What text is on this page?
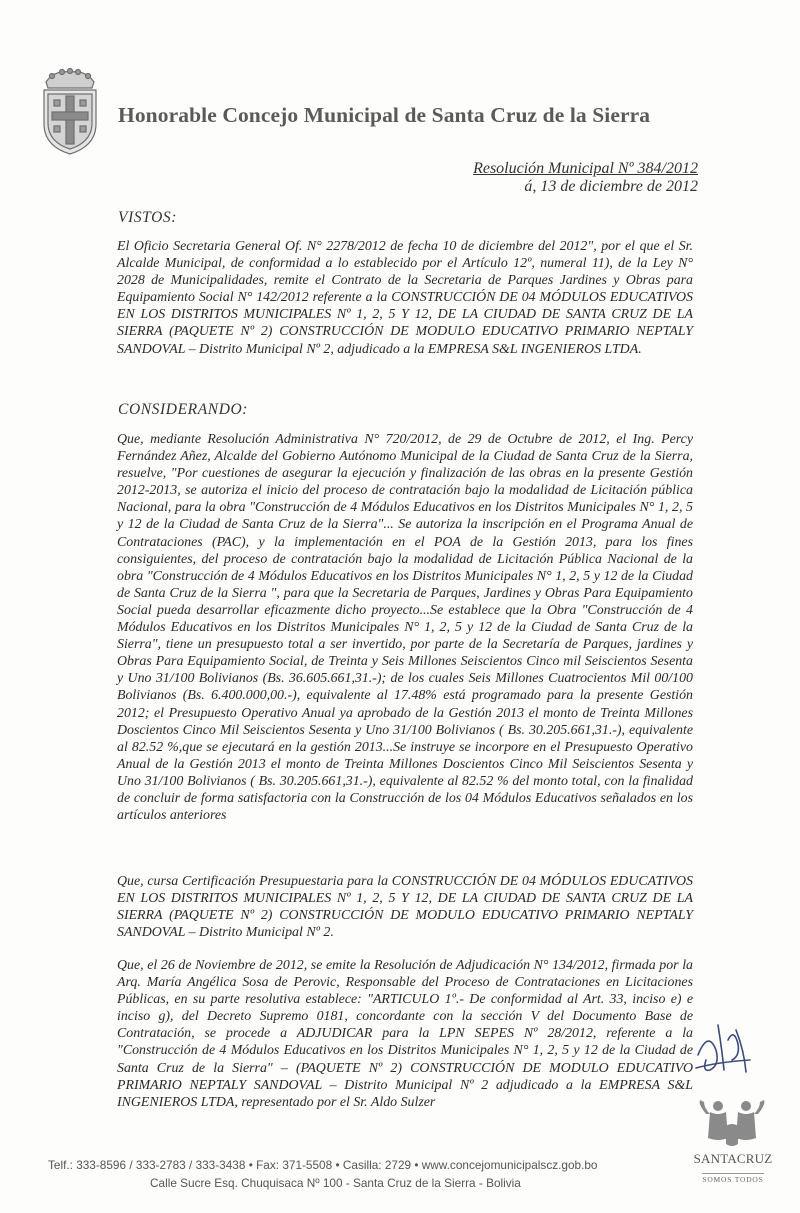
Honorable Concejo Municipal de Santa Cruz de la Sierra
Resolución Municipal Nº 384/2012
á, 13 de diciembre de 2012
VISTOS:

El Oficio Secretaria General Of. N° 2278/2012 de fecha 10 de diciembre del 2012", por el que el Sr. Alcalde Municipal, de conformidad a lo establecido por el Artículo 12º, numeral 11), de la Ley N° 2028 de Municipalidades, remite el Contrato de la Secretaria de Parques Jardines y Obras para Equipamiento Social N° 142/2012 referente a la CONSTRUCCIÓN DE 04 MÓDULOS EDUCATIVOS EN LOS DISTRITOS MUNICIPALES Nº 1, 2, 5 Y 12, DE LA CIUDAD DE SANTA CRUZ DE LA SIERRA (PAQUETE Nº 2) CONSTRUCCIÓN DE MODULO EDUCATIVO PRIMARIO NEPTALY SANDOVAL – Distrito Municipal Nº 2, adjudicado a la EMPRESA S&L INGENIEROS LTDA.

CONSIDERANDO:

Que, mediante Resolución Administrativa N° 720/2012, de 29 de Octubre de 2012, el Ing. Percy Fernández Añez, Alcalde del Gobierno Autónomo Municipal de la Ciudad de Santa Cruz de la Sierra, resuelve, "Por cuestiones de asegurar la ejecución y finalización de las obras en la presente Gestión 2012-2013, se autoriza el inicio del proceso de contratación bajo la modalidad de Licitación pública Nacional, para la obra "Construcción de 4 Módulos Educativos en los Distritos Municipales N° 1, 2, 5 y 12 de la Ciudad de Santa Cruz de la Sierra"... Se autoriza la inscripción en el Programa Anual de Contrataciones (PAC), y la implementación en el POA de la Gestión 2013, para los fines consiguientes, del proceso de contratación bajo la modalidad de Licitación Pública Nacional de la obra "Construcción de 4 Módulos Educativos en los Distritos Municipales N° 1, 2, 5 y 12 de la Ciudad de Santa Cruz de la Sierra ", para que la Secretaria de Parques, Jardines y Obras Para Equipamiento Social pueda desarrollar eficazmente dicho proyecto...Se establece que la Obra "Construcción de 4 Módulos Educativos en los Distritos Municipales N° 1, 2, 5 y 12 de la Ciudad de Santa Cruz de la Sierra", tiene un presupuesto total a ser invertido, por parte de la Secretaría de Parques, jardines y Obras Para Equipamiento Social, de Treinta y Seis Millones Seiscientos Cinco mil Seiscientos Sesenta y Uno 31/100 Bolivianos (Bs. 36.605.661,31.-); de los cuales Seis Millones Cuatrocientos Mil 00/100 Bolivianos (Bs. 6.400.000,00.-), equivalente al 17.48% está programado para la presente Gestión 2012; el Presupuesto Operativo Anual ya aprobado de la Gestión 2013 el monto de Treinta Millones Doscientos Cinco Mil Seiscientos Sesenta y Uno 31/100 Bolivianos ( Bs. 30.205.661,31.-), equivalente al 82.52 %,que se ejecutará en la gestión 2013...Se instruye se incorpore en el Presupuesto Operativo Anual de la Gestión 2013 el monto de Treinta Millones Doscientos Cinco Mil Seiscientos Sesenta y Uno 31/100 Bolivianos ( Bs. 30.205.661,31.-), equivalente al 82.52 % del monto total, con la finalidad de concluir de forma satisfactoria con la Construcción de los 04 Módulos Educativos señalados en los artículos anteriores

Que, cursa Certificación Presupuestaria para la CONSTRUCCIÓN DE 04 MÓDULOS EDUCATIVOS EN LOS DISTRITOS MUNICIPALES Nº 1, 2, 5 Y 12, DE LA CIUDAD DE SANTA CRUZ DE LA SIERRA (PAQUETE Nº 2) CONSTRUCCIÓN DE MODULO EDUCATIVO PRIMARIO NEPTALY SANDOVAL – Distrito Municipal Nº 2.

Que, el 26 de Noviembre de 2012, se emite la Resolución de Adjudicación N° 134/2012, firmada por la Arq. María Angélica Sosa de Perovic, Responsable del Proceso de Contrataciones en Licitaciones Públicas, en su parte resolutiva establece: "ARTICULO 1º.- De conformidad al Art. 33, inciso e) e inciso g), del Decreto Supremo 0181, concordante con la sección V del Documento Base de Contratación, se procede a ADJUDICAR para la LPN SEPES Nº 28/2012, referente a la "Construcción de 4 Módulos Educativos en los Distritos Municipales N° 1, 2, 5 y 12 de la Ciudad de Santa Cruz de la Sierra" – (PAQUETE Nº 2) CONSTRUCCIÓN DE MODULO EDUCATIVO PRIMARIO NEPTALY SANDOVAL – Distrito Municipal Nº 2 adjudicado a la EMPRESA S&L INGENIEROS LTDA, representado por el Sr. Aldo Sulzer

Telf.: 333-8596 / 333-2783 / 333-3438 • Fax: 371-5508 • Casilla: 2729 • www.concejomunicipalscz.gob.bo
Calle Sucre Esq. Chuquisaca Nº 100 - Santa Cruz de la Sierra - Bolivia
SANTACRUZ
SOMOS TODOS
